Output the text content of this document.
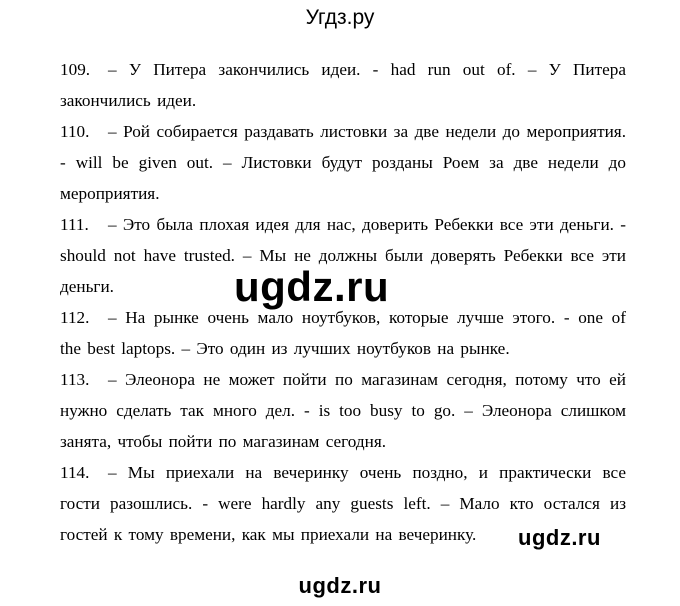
Угдз.ру

109. – У Питера закончились идеи. - had run out of. – У Питера закончились идеи.

110. – Рой собирается раздавать листовки за две недели до мероприятия. - will be given out. – Листовки будут розданы Роем за две недели до мероприятия.

111. – Это была плохая идея для нас, доверить Ребекки все эти деньги. - should not have trusted. – Мы не должны были доверять Ребекки все эти деньги.

112. – На рынке очень мало ноутбуков, которые лучше этого. - one of the best laptops. – Это один из лучших ноутбуков на рынке.

113. – Элеонора не может пойти по магазинам сегодня, потому что ей нужно сделать так много дел. - is too busy to go. – Элеонора слишком занята, чтобы пойти по магазинам сегодня.

114. – Мы приехали на вечеринку очень поздно, и практически все гости разошлись. - were hardly any guests left. – Мало кто остался из гостей к тому времени, как мы приехали на вечеринку.

ugdz.ru
ugdz.ru
ugdz.ru
